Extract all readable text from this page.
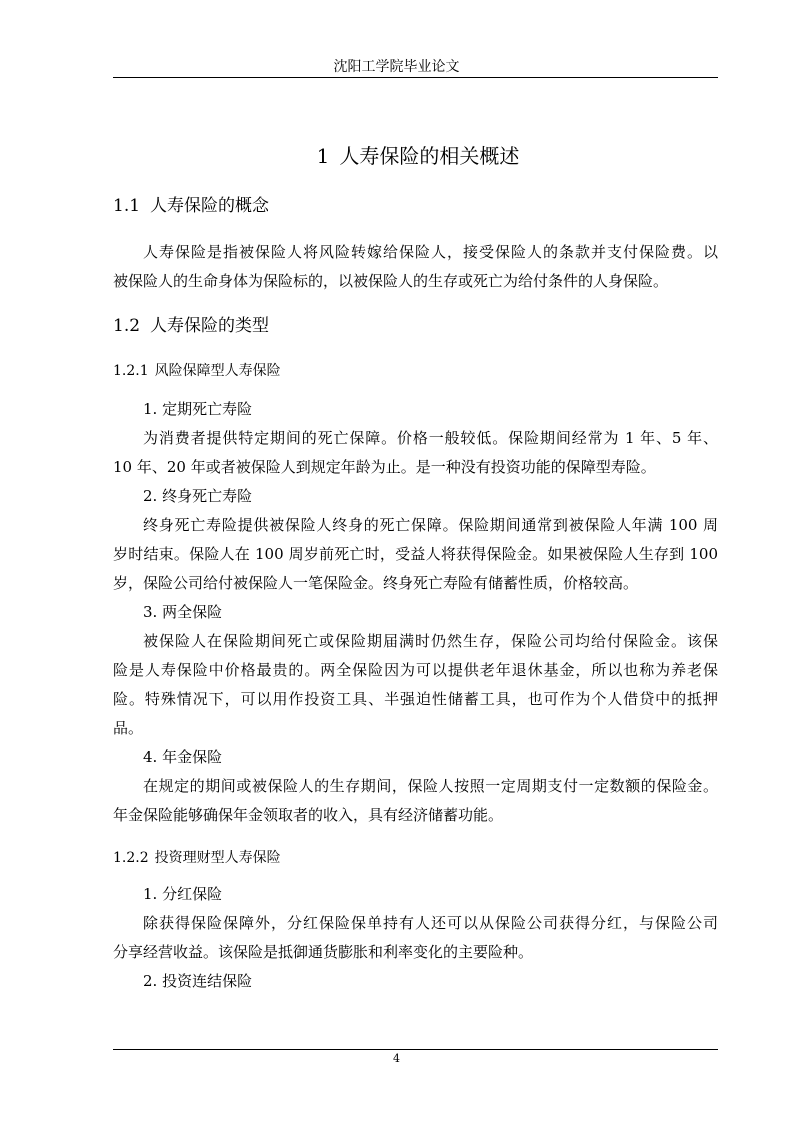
沈阳工学院毕业论文
1 人寿保险的相关概述
1.1 人寿保险的概念
人寿保险是指被保险人将风险转嫁给保险人，接受保险人的条款并支付保险费。以
被保险人的生命身体为保险标的，以被保险人的生存或死亡为给付条件的人身保险。
1.2 人寿保险的类型
1.2.1 风险保障型人寿保险
1. 定期死亡寿险
为消费者提供特定期间的死亡保障。价格一般较低。保险期间经常为 1 年、5 年、
10 年、20 年或者被保险人到规定年龄为止。是一种没有投资功能的保障型寿险。
2. 终身死亡寿险
终身死亡寿险提供被保险人终身的死亡保障。保险期间通常到被保险人年满 100 周
岁时结束。保险人在 100 周岁前死亡时，受益人将获得保险金。如果被保险人生存到 100
岁，保险公司给付被保险人一笔保险金。终身死亡寿险有储蓄性质，价格较高。
3. 两全保险
被保险人在保险期间死亡或保险期届满时仍然生存，保险公司均给付保险金。该保
险是人寿保险中价格最贵的。两全保险因为可以提供老年退休基金，所以也称为养老保
险。特殊情况下，可以用作投资工具、半强迫性储蓄工具，也可作为个人借贷中的抵押
品。
4. 年金保险
在规定的期间或被保险人的生存期间，保险人按照一定周期支付一定数额的保险金。
年金保险能够确保年金领取者的收入，具有经济储蓄功能。
1.2.2 投资理财型人寿保险
1. 分红保险
除获得保险保障外，分红保险保单持有人还可以从保险公司获得分红，与保险公司
分享经营收益。该保险是抵御通货膨胀和利率变化的主要险种。
2. 投资连结保险
4
